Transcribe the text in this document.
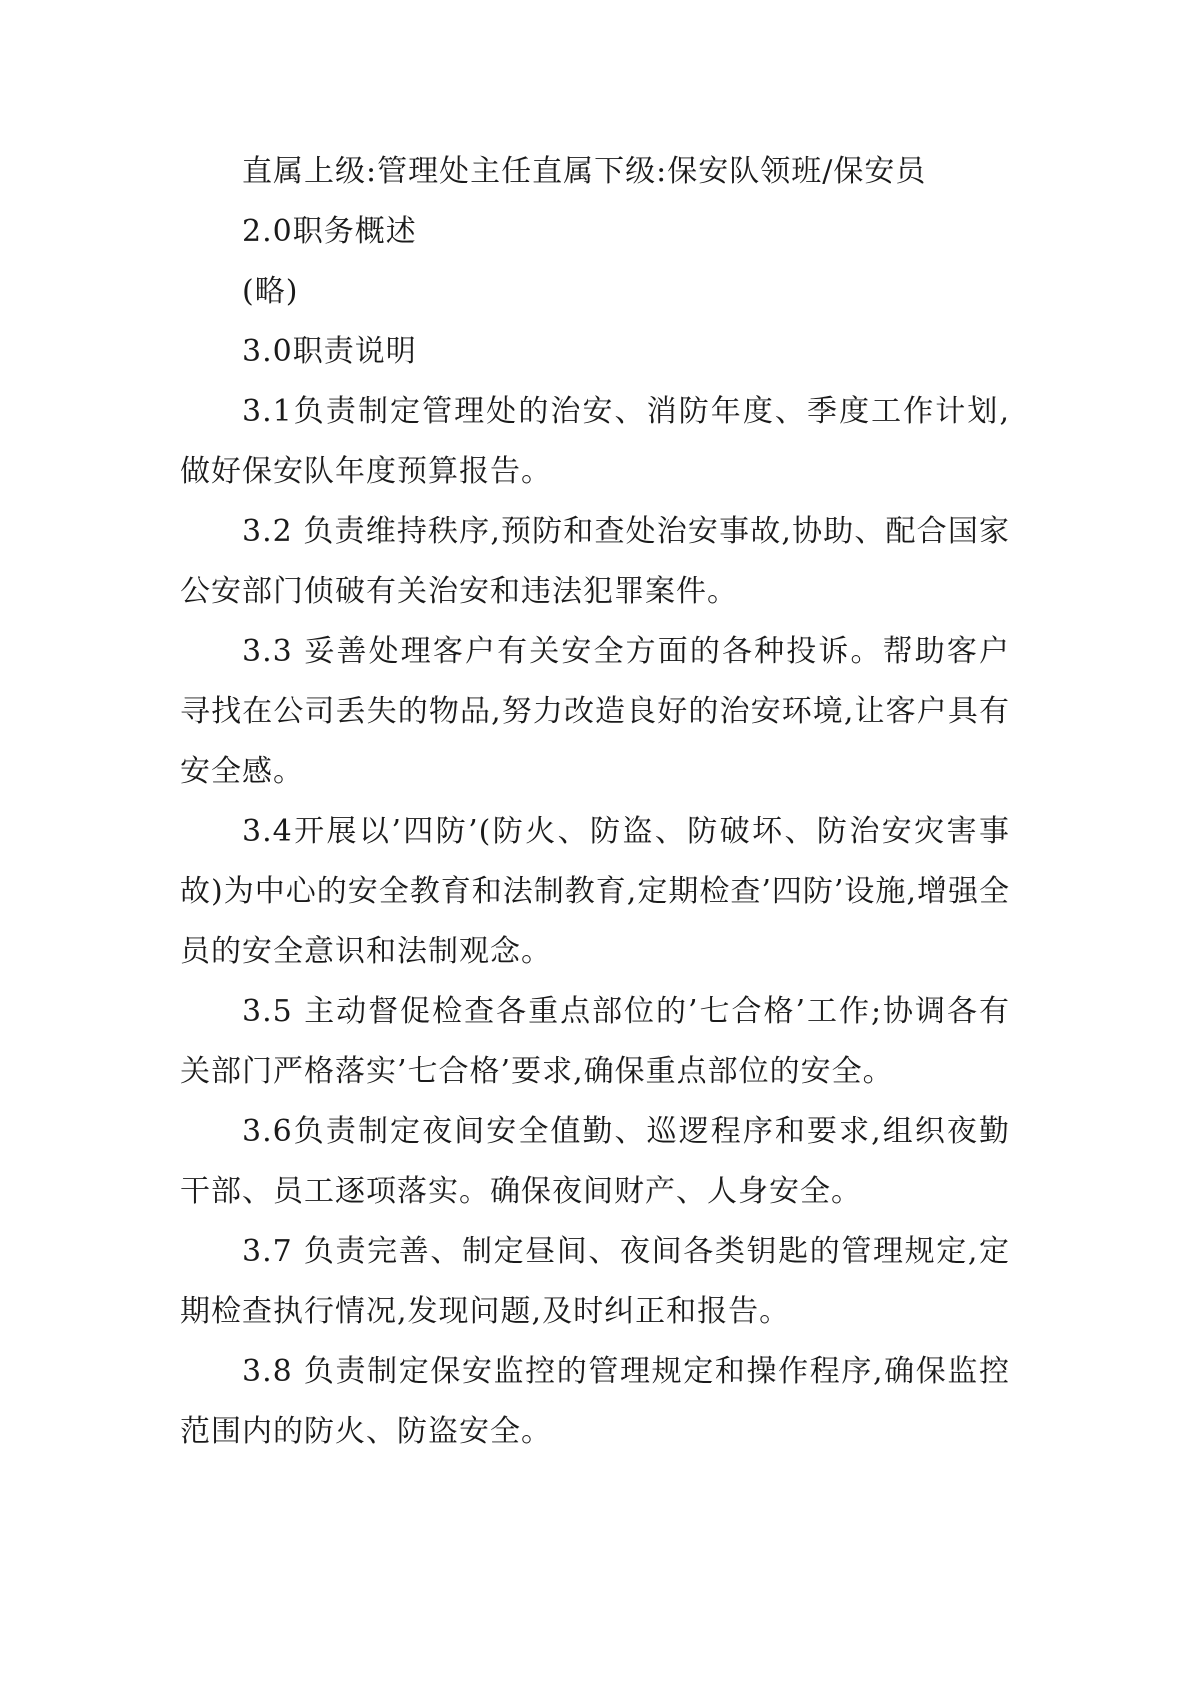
直属上级:管理处主任直属下级:保安队领班/保安员

2.0职务概述

(略)

3.0职责说明

3.1负责制定管理处的治安、消防年度、季度工作计划,做好保安队年度预算报告。

3.2 负责维持秩序,预防和查处治安事故,协助、配合国家公安部门侦破有关治安和违法犯罪案件。

3.3 妥善处理客户有关安全方面的各种投诉。帮助客户寻找在公司丢失的物品,努力改造良好的治安环境,让客户具有安全感。

3.4开展以’四防’(防火、防盗、防破坏、防治安灾害事故)为中心的安全教育和法制教育,定期检查’四防’设施,增强全员的安全意识和法制观念。

3.5 主动督促检查各重点部位的’七合格’工作;协调各有关部门严格落实’七合格’要求,确保重点部位的安全。

3.6负责制定夜间安全值勤、巡逻程序和要求,组织夜勤干部、员工逐项落实。确保夜间财产、人身安全。

3.7 负责完善、制定昼间、夜间各类钥匙的管理规定,定期检查执行情况,发现问题,及时纠正和报告。

3.8 负责制定保安监控的管理规定和操作程序,确保监控范围内的防火、防盗安全。
